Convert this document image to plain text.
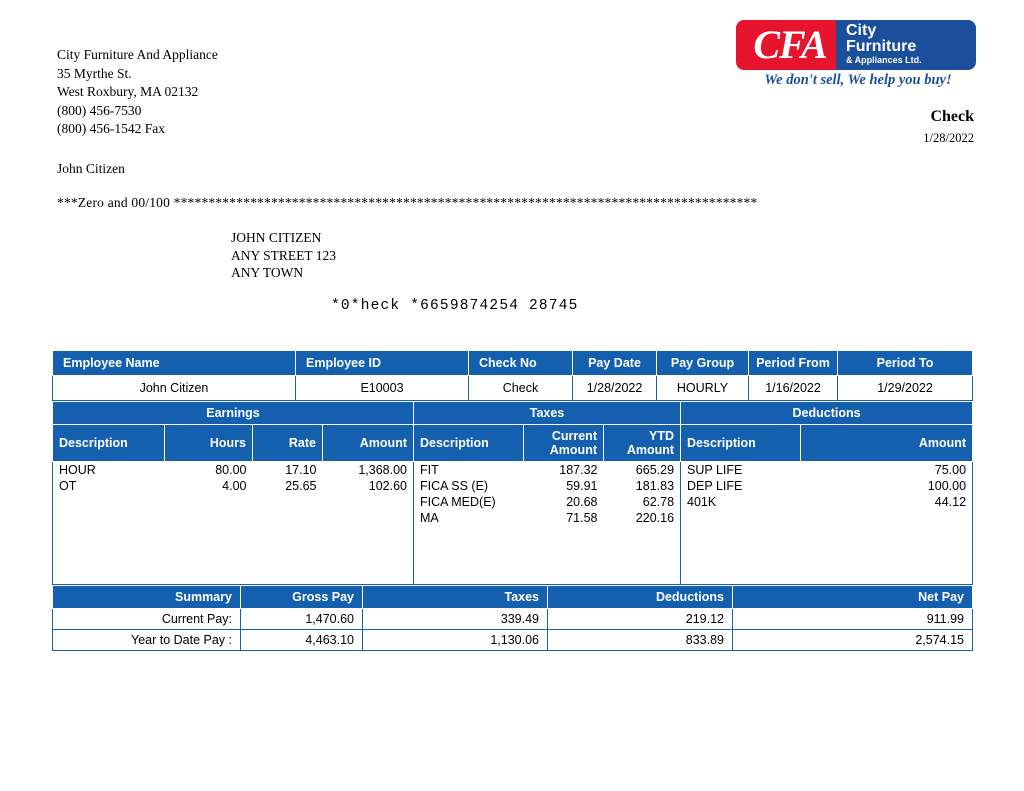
City Furniture And Appliance
35 Myrthe St.
West Roxbury, MA 02132
(800) 456-7530
(800) 456-1542 Fax
CFA	City
Furniture
& Appliances Ltd.
We don't sell, We help you buy!
Check
1/28/2022
John Citizen
***Zero and 00/100 ************************************************************************************
JOHN CITIZEN
ANY STREET 123
ANY TOWN
*0*heck *6659874254 28745
Employee Name	Employee ID	Check No	Pay Date	Pay Group	Period From	Period To
John Citizen	E10003	Check	1/28/2022	HOURLY	1/16/2022	1/29/2022
Earnings				Taxes			Deductions	
Description	Hours	Rate	Amount	Description	Current Amount	YTD Amount	Description	Amount
HOUR	80.00	17.10	1,368.00	FIT	187.32	665.29	SUP LIFE	75.00
OT	4.00	25.65	102.60	FICA SS (E)	59.91	181.83	DEP LIFE	100.00
				FICA MED(E)	20.68	62.78	401K	44.12
				MA	71.58	220.16		

Summary	Gross Pay	Taxes	Deductions	Net Pay
Current Pay:	1,470.60	339.49	219.12	911.99
Year to Date Pay :	4,463.10	1,130.06	833.89	2,574.15
